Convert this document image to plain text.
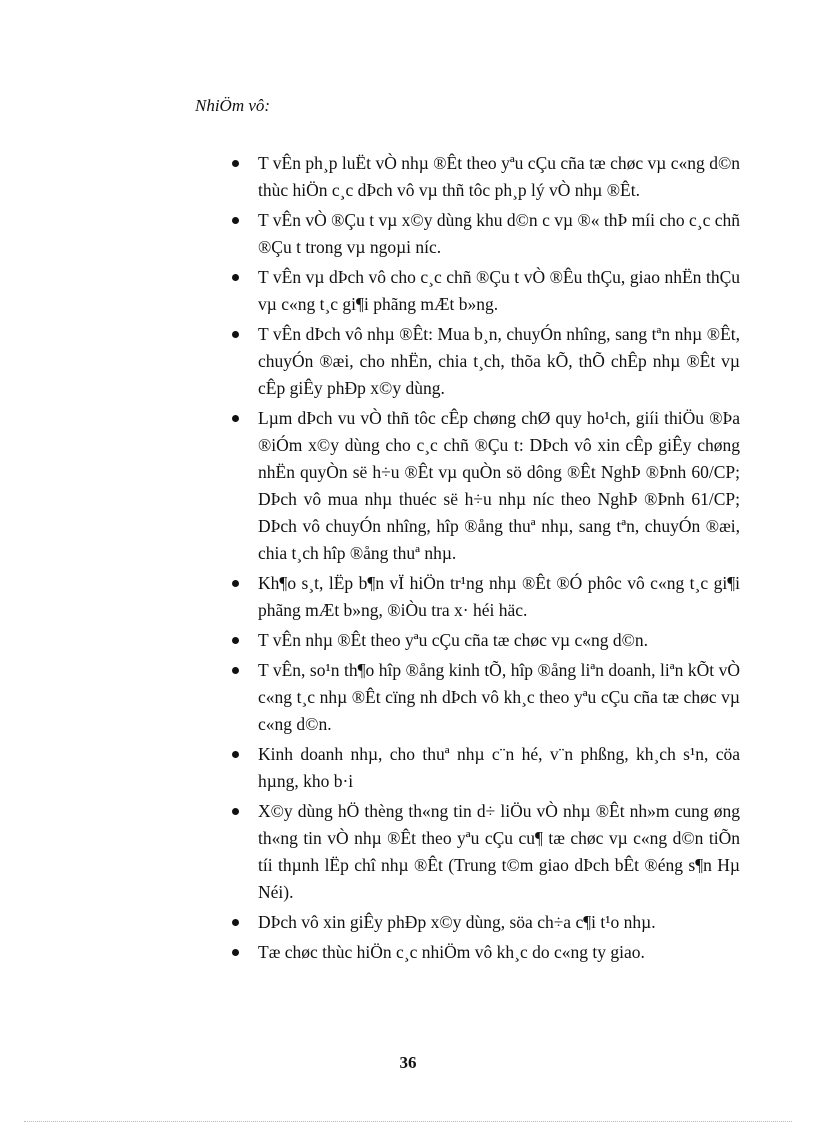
NhiÖm vô:
T vÊn ph¸p luËt vÒ nhµ ®Êt theo yªu cÇu cña tæ chøc vµ c«ng d©n thùc hiÖn c¸c dÞch vô vµ thñ tôc ph¸p lý vÒ nhµ ®Êt.
T vÊn vÒ ®Çu t vµ x©y dùng khu d©n c vµ ®« thÞ míi cho c¸c chñ ®Çu t trong vµ ngoµi níc.
T vÊn vµ dÞch vô cho c¸c chñ ®Çu t vÒ ®Êu thÇu, giao nhËn thÇu vµ c«ng t¸c gi¶i phãng mÆt b»ng.
T vÊn dÞch vô nhµ ®Êt: Mua b¸n, chuyÓn nhîng, sang tªn nhµ ®Êt, chuyÓn ®æi, cho nhËn, chia t¸ch, thõa kÕ, thÕ chÊp nhµ ®Êt vµ cÊp giÊy phÐp x©y dùng.
Lµm dÞch vu vÒ thñ tôc cÊp chøng chØ quy ho¹ch, giíi thiÖu ®Þa ®iÓm x©y dùng cho c¸c chñ ®Çu t: DÞch vô xin cÊp giÊy chøng nhËn quyÒn së h÷u ®Êt vµ quÒn sö dông ®Êt NghÞ ®Þnh 60/CP; DÞch vô mua nhµ thuéc së h÷u nhµ níc theo NghÞ ®Þnh 61/CP; DÞch vô chuyÓn nhîng, hîp ®ång thuª nhµ, sang tªn, chuyÓn ®æi, chia t¸ch hîp ®ång thuª nhµ.
Kh¶o s¸t, lËp b¶n vÏ hiÖn tr¹ng nhµ ®Êt ®Ó phôc vô c«ng t¸c gi¶i phãng mÆt b»ng, ®iÒu tra x· héi häc.
T vÊn nhµ ®Êt theo yªu cÇu cña tæ chøc vµ c«ng d©n.
T vÊn, so¹n th¶o hîp ®ång kinh tÕ, hîp ®ång liªn doanh, liªn kÕt vÒ c«ng t¸c nhµ ®Êt cïng nh dÞch vô kh¸c theo yªu cÇu cña tæ chøc vµ c«ng d©n.
Kinh doanh nhµ, cho thuª nhµ c¨n hé, v¨n phßng, kh¸ch s¹n, cöa hµng, kho b·i
X©y dùng hÖ thèng th«ng tin d÷ liÖu vÒ nhµ ®Êt nh»m cung øng th«ng tin vÒ nhµ ®Êt theo yªu cÇu cu¶ tæ chøc vµ c«ng d©n tiÕn tíi thµnh lËp chî nhµ ®Êt (Trung t©m giao dÞch bÊt ®éng s¶n Hµ Néi).
DÞch vô xin giÊy phÐp x©y dùng, söa ch÷a c¶i t¹o nhµ.
Tæ chøc thùc hiÖn c¸c nhiÖm vô kh¸c do c«ng ty giao.
36
